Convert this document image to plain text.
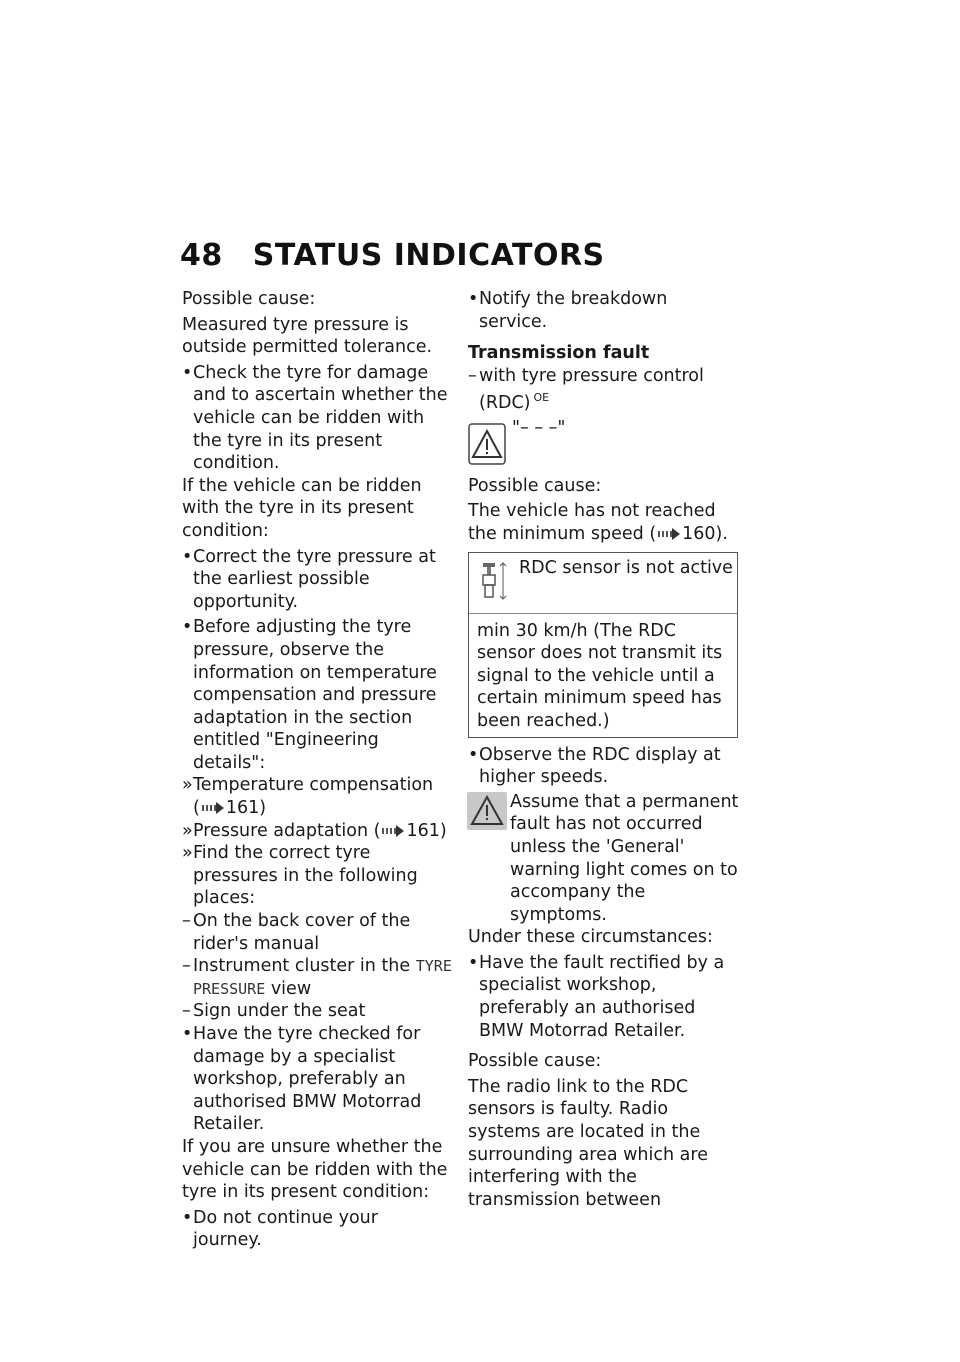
48 STATUS INDICATORS

Possible cause:

Measured tyre pressure is outside permitted tolerance.

• Check the tyre for damage and to ascertain whether the vehicle can be ridden with the tyre in its present condition.

If the vehicle can be ridden with the tyre in its present condition:

• Correct the tyre pressure at the earliest possible opportunity.
• Before adjusting the tyre pressure, observe the information on temperature compensation and pressure adaptation in the section entitled "Engineering details":
» Temperature compensation
( 161)
» Pressure adaptation ( 161)
» Find the correct tyre pressures in the following places:
– On the back cover of the rider's manual
– Instrument cluster in the TYRE PRESSURE view
– Sign under the seat
• Have the tyre checked for damage by a specialist workshop, preferably an authorised BMW Motorrad Retailer.

If you are unsure whether the vehicle can be ridden with the tyre in its present condition:

• Do not continue your journey.
• Notify the breakdown service.

Transmission fault

– with tyre pressure control (RDC) $^{OE}$
"– – –"

Possible cause:

The vehicle has not reached the minimum speed ( 160).

RDC sensor is not active
min 30 km/h (The RDC sensor does not transmit its signal to the vehicle until a certain minimum speed has been reached.)
• Observe the RDC display at higher speeds.
Assume that a permanent fault has not occurred unless the 'General' warning light comes on to accompany the symptoms.

Under these circumstances:

• Have the fault rectified by a specialist workshop, preferably an authorised BMW Motorrad Retailer.

Possible cause:

The radio link to the RDC sensors is faulty. Radio systems are located in the surrounding area which are interfering with the transmission between
